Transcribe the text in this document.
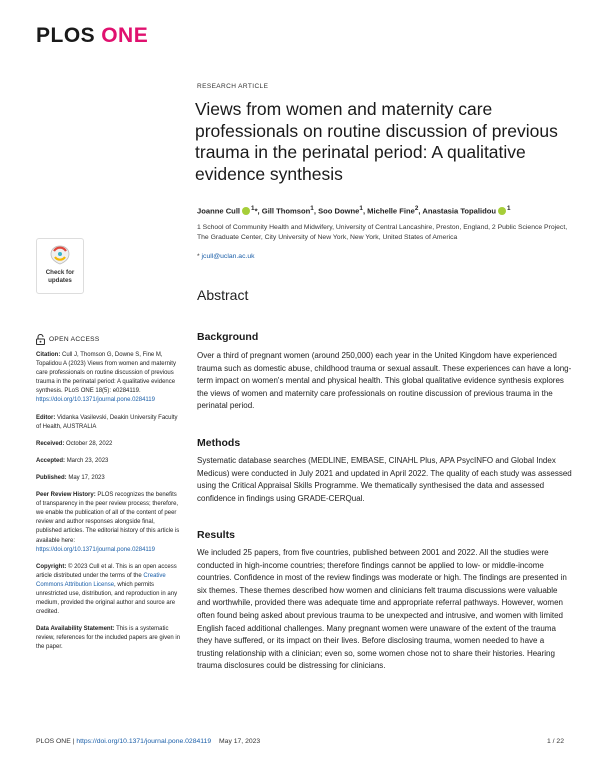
PLOS ONE
RESEARCH ARTICLE
Views from women and maternity care professionals on routine discussion of previous trauma in the perinatal period: A qualitative evidence synthesis
Joanne Cull $^1$*, Gill Thomson$^1$, Soo Downe$^1$, Michelle Fine$^2$, Anastasia Topalidou $^1$
1 School of Community Health and Midwifery, University of Central Lancashire, Preston, England, 2 Public Science Project, The Graduate Center, City University of New York, New York, United States of America
* jcull@uclan.ac.uk
Abstract
Background
Over a third of pregnant women (around 250,000) each year in the United Kingdom have experienced trauma such as domestic abuse, childhood trauma or sexual assault. These experiences can have a long-term impact on women's mental and physical health. This global qualitative evidence synthesis explores the views of women and maternity care professionals on routine discussion of previous trauma in the perinatal period.
Methods
Systematic database searches (MEDLINE, EMBASE, CINAHL Plus, APA PsycINFO and Global Index Medicus) were conducted in July 2021 and updated in April 2022. The quality of each study was assessed using the Critical Appraisal Skills Programme. We thematically synthesised the data and assessed confidence in findings using GRADE-CERQual.
Results
We included 25 papers, from five countries, published between 2001 and 2022. All the studies were conducted in high-income countries; therefore findings cannot be applied to low- or middle-income countries. Confidence in most of the review findings was moderate or high. The findings are presented in six themes. These themes described how women and clinicians felt trauma discussions were valuable and worthwhile, provided there was adequate time and appropriate referral pathways. However, women often found being asked about previous trauma to be unexpected and intrusive, and women with limited English faced additional challenges. Many pregnant women were unaware of the extent of the trauma they have suffered, or its impact on their lives. Before disclosing trauma, women needed to have a trusting relationship with a clinician; even so, some women chose not to share their histories. Hearing trauma disclosures could be distressing for clinicians.
Check for
updates
OPEN ACCESS
Citation: Cull J, Thomson G, Downe S, Fine M, Topalidou A (2023) Views from women and maternity care professionals on routine discussion of previous trauma in the perinatal period: A qualitative evidence synthesis. PLoS ONE 18(5): e0284119. https://doi.org/10.1371/journal.pone.0284119
Editor: Vidanka Vasilevski, Deakin University Faculty of Health, AUSTRALIA
Received: October 28, 2022
Accepted: March 23, 2023
Published: May 17, 2023
Peer Review History: PLOS recognizes the benefits of transparency in the peer review process; therefore, we enable the publication of all of the content of peer review and author responses alongside final, published articles. The editorial history of this article is available here: https://doi.org/10.1371/journal.pone.0284119
Copyright: © 2023 Cull et al. This is an open access article distributed under the terms of the Creative Commons Attribution License, which permits unrestricted use, distribution, and reproduction in any medium, provided the original author and source are credited.
Data Availability Statement: This is a systematic review, references for the included papers are given in the paper.
PLOS ONE | https://doi.org/10.1371/journal.pone.0284119 May 17, 2023	1 / 22
